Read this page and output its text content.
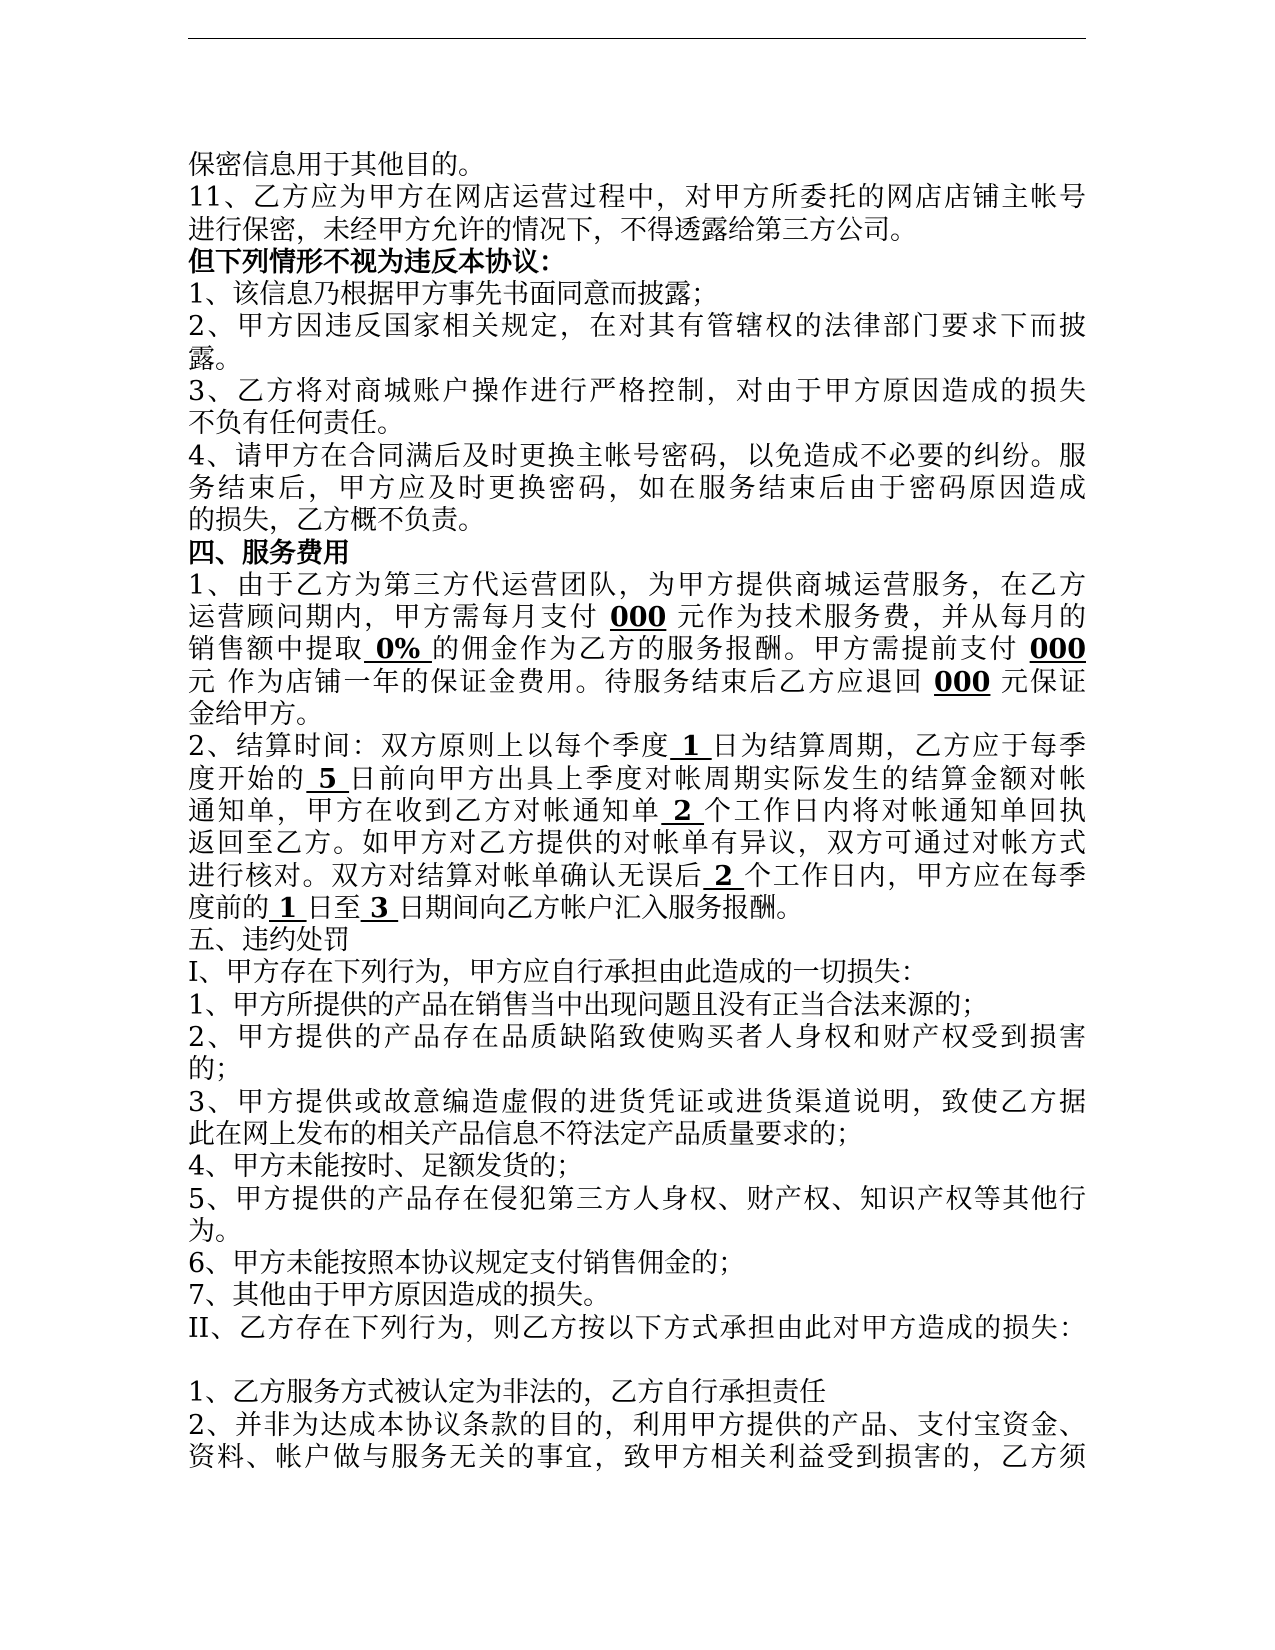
保密信息用于其他目的。
11、乙方应为甲方在网店运营过程中，对甲方所委托的网店店铺主帐号
进行保密，未经甲方允许的情况下，不得透露给第三方公司。
但下列情形不视为违反本协议：
1、该信息乃根据甲方事先书面同意而披露；
2、甲方因违反国家相关规定，在对其有管辖权的法律部门要求下而披
露。
3、乙方将对商城账户操作进行严格控制，对由于甲方原因造成的损失
不负有任何责任。
4、请甲方在合同满后及时更换主帐号密码，以免造成不必要的纠纷。服
务结束后，甲方应及时更换密码，如在服务结束后由于密码原因造成
的损失，乙方概不负责。
四、服务费用
1、由于乙方为第三方代运营团队，为甲方提供商城运营服务，在乙方
运营顾问期内，甲方需每月支付 000 元作为技术服务费，并从每月的
销售额中提取 0% 的佣金作为乙方的服务报酬。甲方需提前支付 000
元 作为店铺一年的保证金费用。待服务结束后乙方应退回 000 元保证
金给甲方。
2、结算时间：双方原则上以每个季度 1 日为结算周期，乙方应于每季
度开始的 5 日前向甲方出具上季度对帐周期实际发生的结算金额对帐
通知单，甲方在收到乙方对帐通知单 2 个工作日内将对帐通知单回执
返回至乙方。如甲方对乙方提供的对帐单有异议，双方可通过对帐方式
进行核对。双方对结算对帐单确认无误后 2 个工作日内，甲方应在每季
度前的 1 日至 3 日期间向乙方帐户汇入服务报酬。
五、违约处罚
I、甲方存在下列行为，甲方应自行承担由此造成的一切损失：
1、甲方所提供的产品在销售当中出现问题且没有正当合法来源的；
2、甲方提供的产品存在品质缺陷致使购买者人身权和财产权受到损害
的；
3、甲方提供或故意编造虚假的进货凭证或进货渠道说明，致使乙方据
此在网上发布的相关产品信息不符法定产品质量要求的；
4、甲方未能按时、足额发货的；
5、甲方提供的产品存在侵犯第三方人身权、财产权、知识产权等其他行
为。
6、甲方未能按照本协议规定支付销售佣金的；
7、其他由于甲方原因造成的损失。
II、乙方存在下列行为，则乙方按以下方式承担由此对甲方造成的损失：
1、乙方服务方式被认定为非法的，乙方自行承担责任
2、并非为达成本协议条款的目的，利用甲方提供的产品、支付宝资金、
资料、帐户做与服务无关的事宜，致甲方相关利益受到损害的，乙方须
